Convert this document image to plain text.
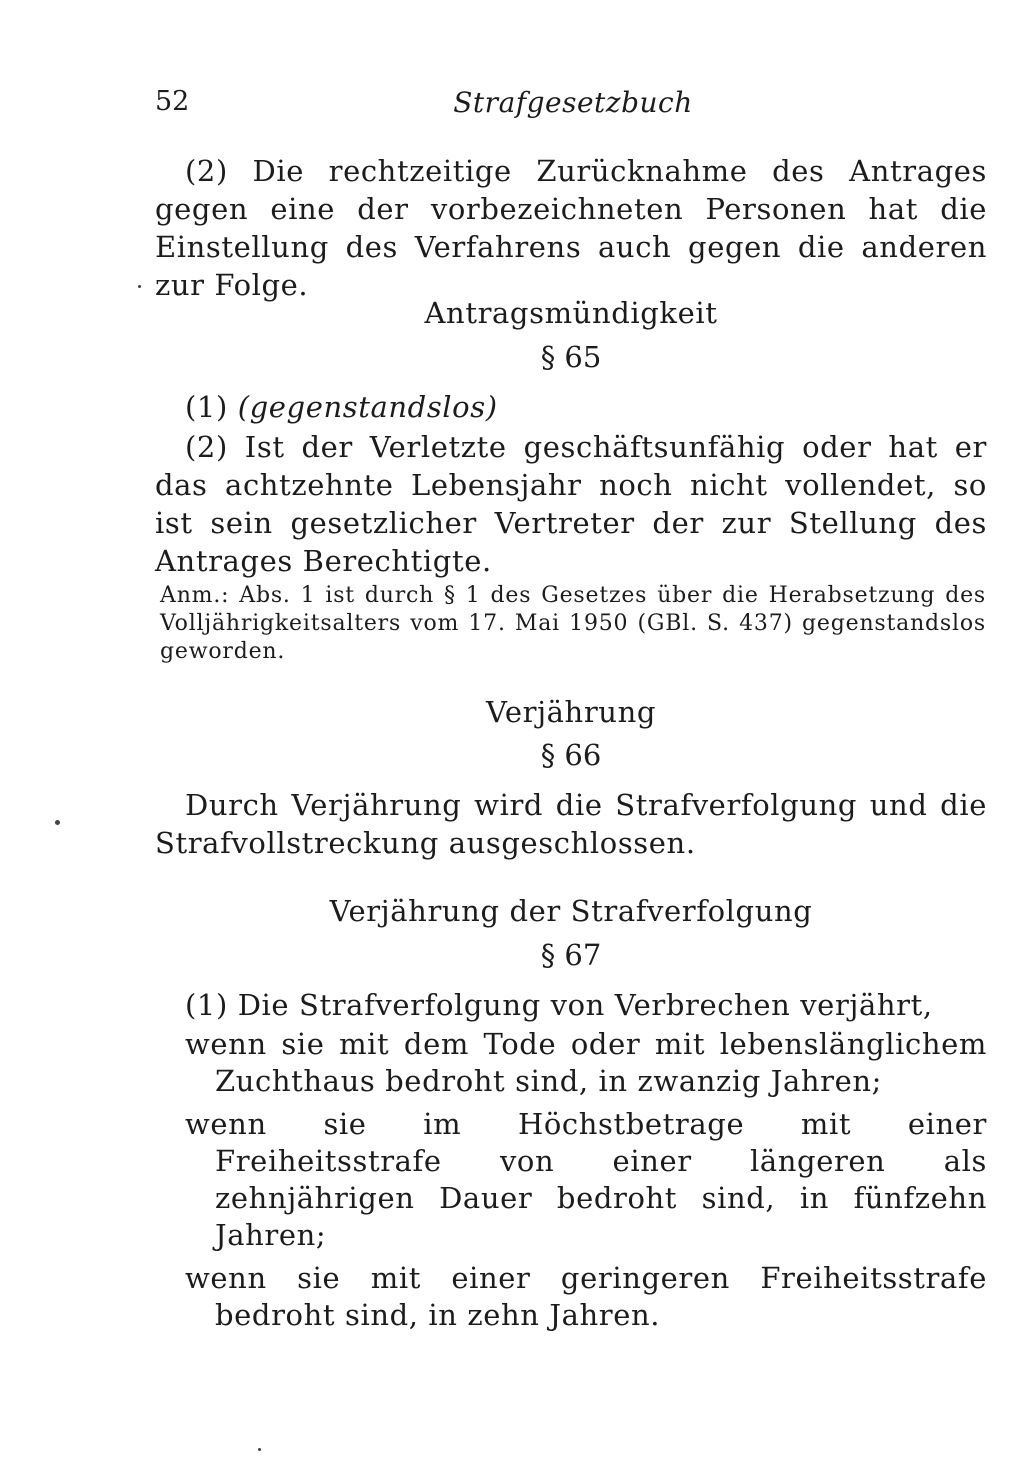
52	Strafgesetzbuch

(2) Die rechtzeitige Zurücknahme des Antrages gegen eine der vorbezeichneten Personen hat die Einstellung des Verfahrens auch gegen die anderen zur Folge.

Antragsmündigkeit
§ 65

(1) (gegenstandslos)

(2) Ist der Verletzte geschäftsunfähig oder hat er das achtzehnte Lebensjahr noch nicht vollendet, so ist sein gesetzlicher Vertreter der zur Stellung des Antrages Berechtigte.

Anm.: Abs. 1 ist durch § 1 des Gesetzes über die Herabsetzung des Volljährigkeitsalters vom 17. Mai 1950 (GBl. S. 437) gegenstandslos geworden.

Verjährung
§ 66

Durch Verjährung wird die Strafverfolgung und die Strafvollstreckung ausgeschlossen.

Verjährung der Strafverfolgung
§ 67

(1) Die Strafverfolgung von Verbrechen verjährt,

wenn sie mit dem Tode oder mit lebenslänglichem Zuchthaus bedroht sind, in zwanzig Jahren;

wenn sie im Höchstbetrage mit einer Freiheitsstrafe von einer längeren als zehnjährigen Dauer bedroht sind, in fünfzehn Jahren;

wenn sie mit einer geringeren Freiheitsstrafe bedroht sind, in zehn Jahren.
